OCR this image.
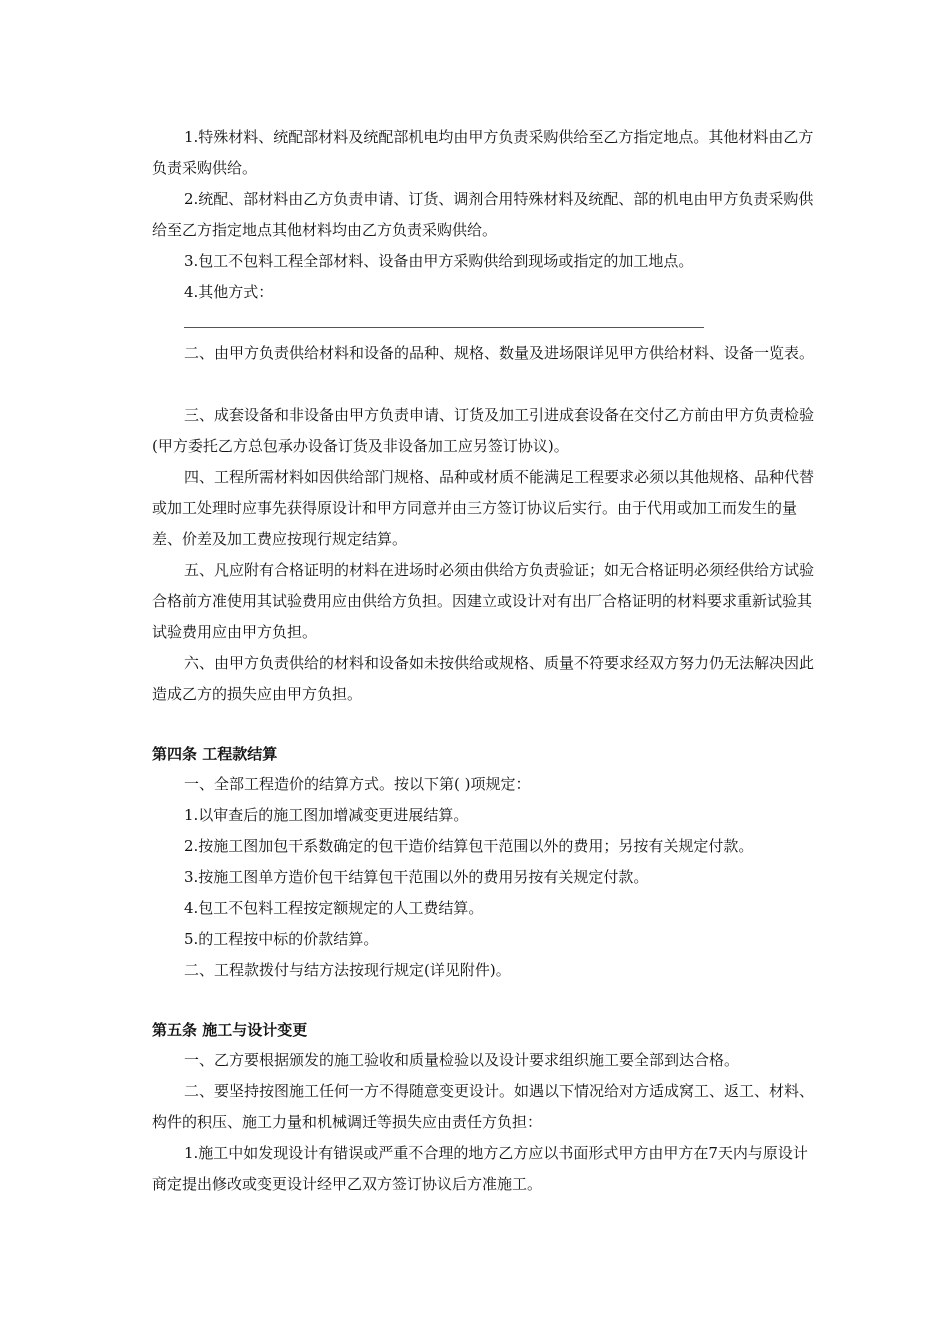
1.特殊材料、统配部材料及统配部机电均由甲方负责采购供给至乙方指定地点。其他材料由乙方负责采购供给。
2.统配、部材料由乙方负责申请、订货、调剂合用特殊材料及统配、部的机电由甲方负责采购供给至乙方指定地点其他材料均由乙方负责采购供给。
3.包工不包料工程全部材料、设备由甲方采购供给到现场或指定的加工地点。
4.其他方式：
二、由甲方负责供给材料和设备的品种、规格、数量及进场限详见甲方供给材料、设备一览表。
三、成套设备和非设备由甲方负责申请、订货及加工引进成套设备在交付乙方前由甲方负责检验(甲方委托乙方总包承办设备订货及非设备加工应另签订协议)。
四、工程所需材料如因供给部门规格、品种或材质不能满足工程要求必须以其他规格、品种代替或加工处理时应事先获得原设计和甲方同意并由三方签订协议后实行。由于代用或加工而发生的量差、价差及加工费应按现行规定结算。
五、凡应附有合格证明的材料在进场时必须由供给方负责验证；如无合格证明必须经供给方试验合格前方准使用其试验费用应由供给方负担。因建立或设计对有出厂合格证明的材料要求重新试验其试验费用应由甲方负担。
六、由甲方负责供给的材料和设备如未按供给或规格、质量不符要求经双方努力仍无法解决因此造成乙方的损失应由甲方负担。
第四条 工程款结算
一、全部工程造价的结算方式。按以下第( )项规定：
1.以审查后的施工图加增减变更进展结算。
2.按施工图加包干系数确定的包干造价结算包干范围以外的费用；另按有关规定付款。
3.按施工图单方造价包干结算包干范围以外的费用另按有关规定付款。
4.包工不包料工程按定额规定的人工费结算。
5.的工程按中标的价款结算。
二、工程款拨付与结方法按现行规定(详见附件)。
第五条 施工与设计变更
一、乙方要根据颁发的施工验收和质量检验以及设计要求组织施工要全部到达合格。
二、要坚持按图施工任何一方不得随意变更设计。如遇以下情况给对方适成窝工、返工、材料、构件的积压、施工力量和机械调迁等损失应由责任方负担：
1.施工中如发现设计有错误或严重不合理的地方乙方应以书面形式甲方由甲方在7天内与原设计商定提出修改或变更设计经甲乙双方签订协议后方准施工。
